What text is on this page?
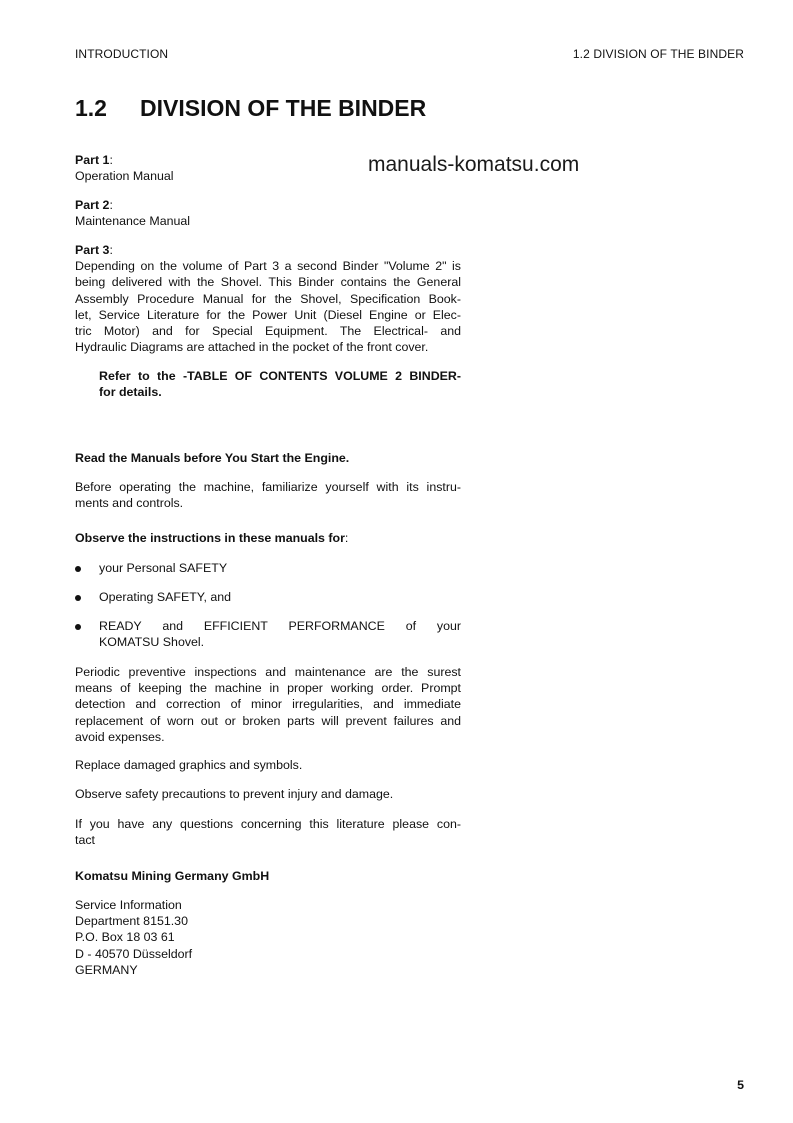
INTRODUCTION	1.2 DIVISION OF THE BINDER
1.2 DIVISION OF THE BINDER
manuals-komatsu.com
Part 1:
Operation Manual
Part 2:
Maintenance Manual
Part 3:
Depending on the volume of Part 3 a second Binder "Volume 2" is
being delivered with the Shovel. This Binder contains the General
Assembly Procedure Manual for the Shovel, Specification Book-
let, Service Literature for the Power Unit (Diesel Engine or Elec-
tric Motor) and for Special Equipment. The Electrical- and
Hydraulic Diagrams are attached in the pocket of the front cover.
Refer to the -TABLE OF CONTENTS VOLUME 2 BINDER-
for details.
Read the Manuals before You Start the Engine.
Before operating the machine, familiarize yourself with its instru-
ments and controls.
Observe the instructions in these manuals for:
your Personal SAFETY
Operating SAFETY, and
READY and EFFICIENT PERFORMANCE of your
KOMATSU Shovel.
Periodic preventive inspections and maintenance are the surest
means of keeping the machine in proper working order. Prompt
detection and correction of minor irregularities, and immediate
replacement of worn out or broken parts will prevent failures and
avoid expenses.
Replace damaged graphics and symbols.
Observe safety precautions to prevent injury and damage.
If you have any questions concerning this literature please con-
tact
Komatsu Mining Germany GmbH
Service Information
Department 8151.30
P.O. Box 18 03 61
D - 40570 Düsseldorf
GERMANY
5
